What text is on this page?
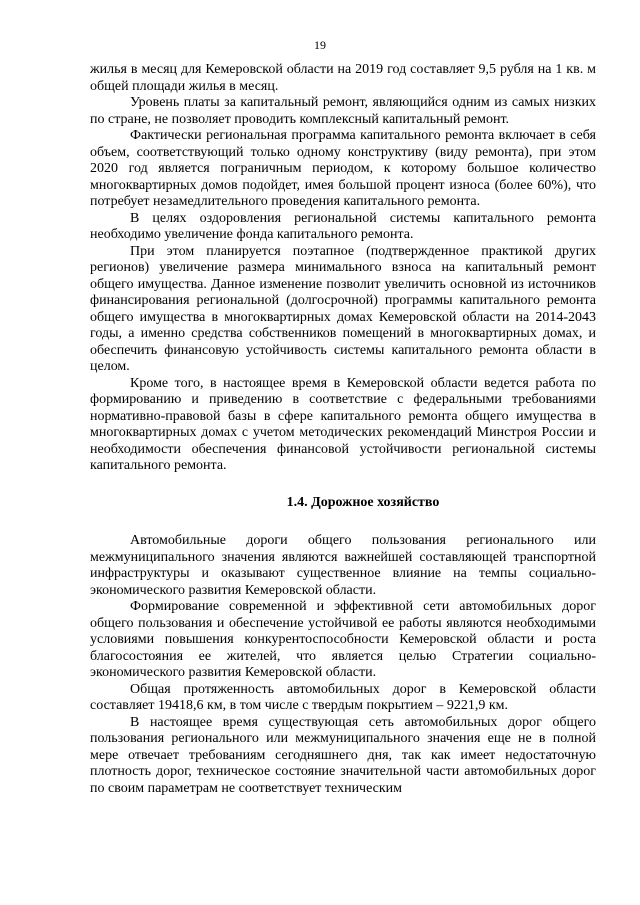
19

жилья в месяц для Кемеровской области на 2019 год составляет 9,5 рубля на 1 кв. м общей площади жилья в месяц.

Уровень платы за капитальный ремонт, являющийся одним из самых низких по стране, не позволяет проводить комплексный капитальный ремонт.

Фактически региональная программа капитального ремонта включает в себя объем, соответствующий только одному конструктиву (виду ремонта), при этом 2020 год является пограничным периодом, к которому большое количество многоквартирных домов подойдет, имея большой процент износа (более 60%), что потребует незамедлительного проведения капитального ремонта.

В целях оздоровления региональной системы капитального ремонта необходимо увеличение фонда капитального ремонта.

При этом планируется поэтапное (подтвержденное практикой других регионов) увеличение размера минимального взноса на капитальный ремонт общего имущества. Данное изменение позволит увеличить основной из источников финансирования региональной (долгосрочной) программы капитального ремонта общего имущества в многоквартирных домах Кемеровской области на 2014-2043 годы, а именно средства собственников помещений в многоквартирных домах, и обеспечить финансовую устойчивость системы капитального ремонта области в целом.

Кроме того, в настоящее время в Кемеровской области ведется работа по формированию и приведению в соответствие с федеральными требованиями нормативно-правовой базы в сфере капитального ремонта общего имущества в многоквартирных домах с учетом методических рекомендаций Минстроя России и необходимости обеспечения финансовой устойчивости региональной системы капитального ремонта.

1.4. Дорожное хозяйство

Автомобильные дороги общего пользования регионального или межмуниципального значения являются важнейшей составляющей транспортной инфраструктуры и оказывают существенное влияние на темпы социально-экономического развития Кемеровской области.

Формирование современной и эффективной сети автомобильных дорог общего пользования и обеспечение устойчивой ее работы являются необходимыми условиями повышения конкурентоспособности Кемеровской области и роста благосостояния ее жителей, что является целью Стратегии социально-экономического развития Кемеровской области.

Общая протяженность автомобильных дорог в Кемеровской области составляет 19418,6 км, в том числе с твердым покрытием – 9221,9 км.

В настоящее время существующая сеть автомобильных дорог общего пользования регионального или межмуниципального значения еще не в полной мере отвечает требованиям сегодняшнего дня, так как имеет недостаточную плотность дорог, техническое состояние значительной части автомобильных дорог по своим параметрам не соответствует техническим
